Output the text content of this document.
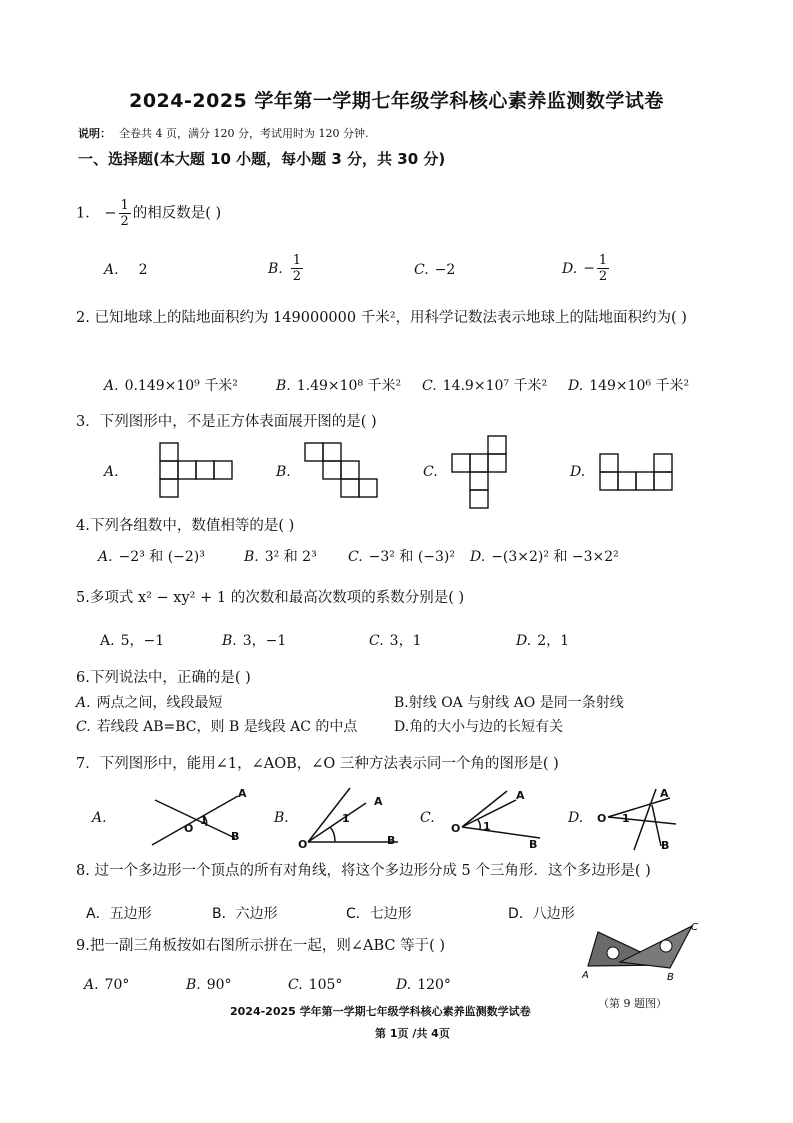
2024-2025 学年第一学期七年级学科核心素养监测数学试卷
说明： 全卷共 4 页，满分 120 分，考试用时为 120 分钟.
一、选择题(本大题 10 小题，每小题 3 分，共 30 分)
1． − $\frac{1}{2}$ 的相反数是( )
A. 2	B. $\frac{1}{2}$	C. −2	D. − $\frac{1}{2}$
2. 已知地球上的陆地面积约为 149000000 千米²，用科学记数法表示地球上的陆地面积约为( )
A. 0.149×10⁹ 千米²	B. 1.49×10⁸ 千米² C. 14.9×10⁷ 千米² D. 149×10⁶ 千米²
3．下列图形中，不是正方体表面展开图的是( )
A.	B.	C.	D.
4.下列各组数中，数值相等的是( )
A. −2³ 和 (−2)³	B. 3² 和 2³ C. −3² 和 (−3)² D. −(3×2)² 和 −3×2²
5.多项式 x² − xy² + 1 的次数和最高次数项的系数分别是( )
A. 5，−1	B. 3，−1	C. 3，1	D. 2，1
6.下列说法中，正确的是( )
A. 两点之间，线段最短	B.射线 OA 与射线 AO 是同一条射线
C. 若线段 AB=BC，则 B 是线段 AC 的中点	D.角的大小与边的长短有关
7．下列图形中，能用∠1，∠AOB，∠O 三种方法表示同一个角的图形是( )
A.	B.	C.	D.
A
B
O
1
A
B
O
1
A
B
O 1
A
B
O 1
8. 过一个多边形一个顶点的所有对角线，将这个多边形分成 5 个三角形．这个多边形是( )
A．五边形	B．六边形	C．七边形	D．八边形
9.把一副三角板按如右图所示拼在一起，则∠ABC 等于( )
A. 70°	B. 90°	C. 105°	D. 120°
A	B
C
（第 9 题图）
2024-2025 学年第一学期七年级学科核心素养监测数学试卷
第 1页 /共 4页
